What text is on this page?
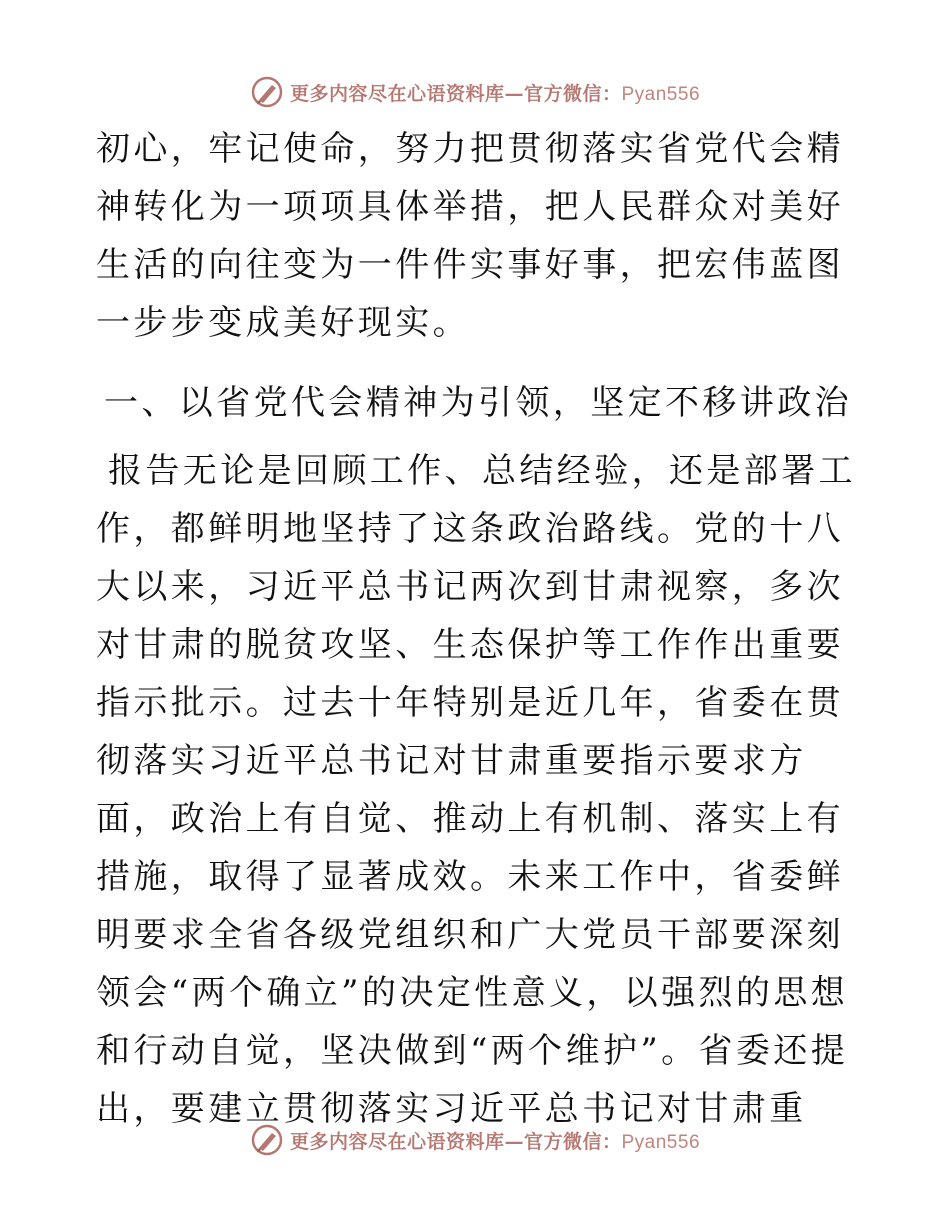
更多内容尽在心语资料库—官方微信：Pyan556

初心，牢记使命，努力把贯彻落实省党代会精神转化为一项项具体举措，把人民群众对美好生活的向往变为一件件实事好事，把宏伟蓝图一步步变成美好现实。

一、以省党代会精神为引领，坚定不移讲政治

报告无论是回顾工作、总结经验，还是部署工作，都鲜明地坚持了这条政治路线。党的十八大以来，习近平总书记两次到甘肃视察，多次对甘肃的脱贫攻坚、生态保护等工作作出重要指示批示。过去十年特别是近几年，省委在贯彻落实习近平总书记对甘肃重要指示要求方面，政治上有自觉、推动上有机制、落实上有措施，取得了显著成效。未来工作中，省委鲜明要求全省各级党组织和广大党员干部要深刻领会“两个确立”的决定性意义，以强烈的思想和行动自觉，坚决做到“两个维护”。省委还提出，要建立贯彻落实习近平总书记对甘肃重

更多内容尽在心语资料库—官方微信：Pyan556
